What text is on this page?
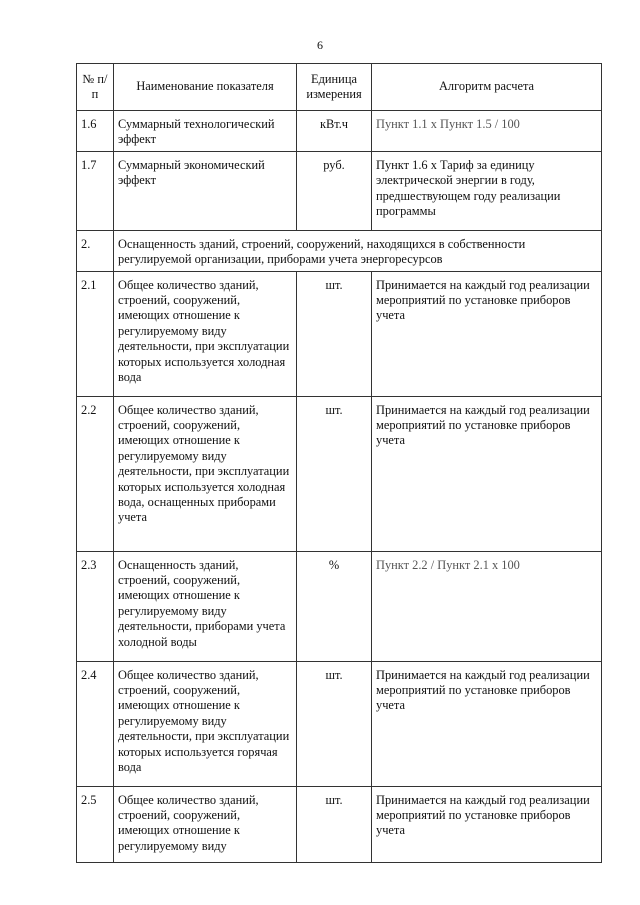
6
№ п/п	Наименование показателя	Единица измерения	Алгоритм расчета
1.6	Суммарный технологический эффект	кВт.ч	Пункт 1.1 x Пункт 1.5 / 100
1.7	Суммарный экономический эффект	руб.	Пункт 1.6 x Тариф за единицу электрической энергии в году, предшествующем году реализации программы
2.	Оснащенность зданий, строений, сооружений, находящихся в собственности регулируемой организации, приборами учета энергоресурсов		
2.1	Общее количество зданий, строений, сооружений, имеющих отношение к регулируемому виду деятельности, при эксплуатации которых используется холодная вода	шт.	Принимается на каждый год реализации мероприятий по установке приборов учета
2.2	Общее количество зданий, строений, сооружений, имеющих отношение к регулируемому виду деятельности, при эксплуатации которых используется холодная вода, оснащенных приборами учета	шт.	Принимается на каждый год реализации мероприятий по установке приборов учета
2.3	Оснащенность зданий, строений, сооружений, имеющих отношение к регулируемому виду деятельности, приборами учета холодной воды	%	Пункт 2.2 / Пункт 2.1 x 100
2.4	Общее количество зданий, строений, сооружений, имеющих отношение к регулируемому виду деятельности, при эксплуатации которых используется горячая вода	шт.	Принимается на каждый год реализации мероприятий по установке приборов учета
2.5	Общее количество зданий, строений, сооружений, имеющих отношение к регулируемому виду	шт.	Принимается на каждый год реализации мероприятий по установке приборов учета
